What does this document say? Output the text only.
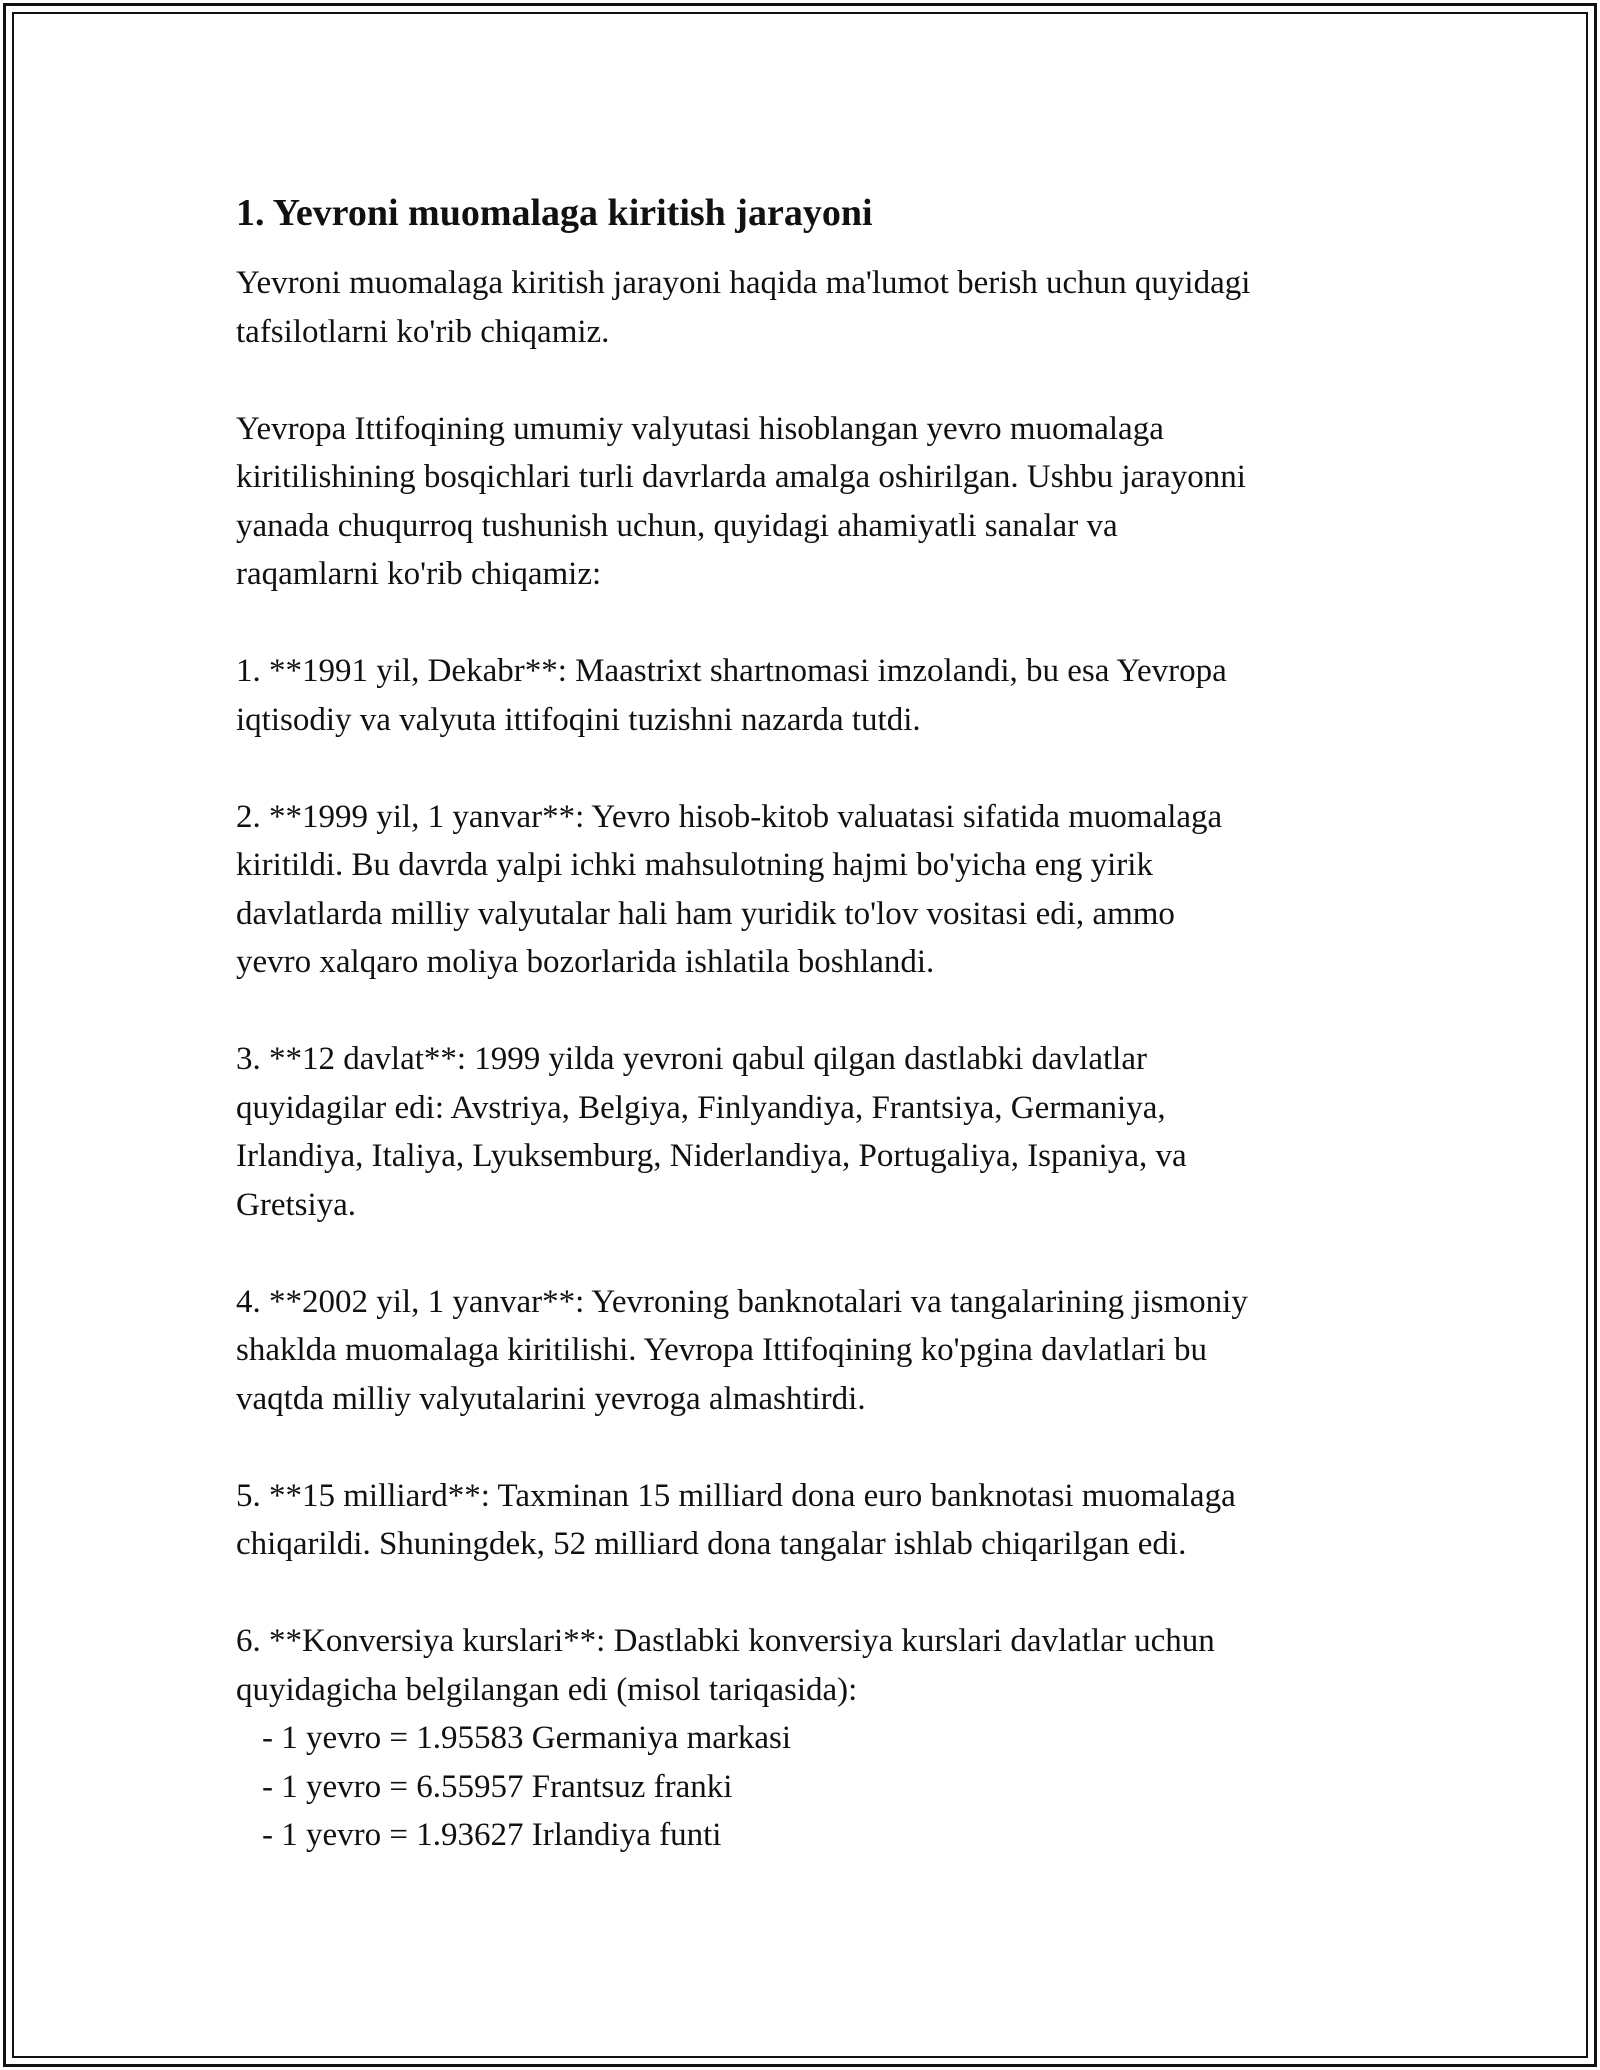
1. Yevroni muomalaga kiritish jarayoni

Yevroni muomalaga kiritish jarayoni haqida ma'lumot berish uchun quyidagi
tafsilotlarni ko'rib chiqamiz.

Yevropa Ittifoqining umumiy valyutasi hisoblangan yevro muomalaga
kiritilishining bosqichlari turli davrlarda amalga oshirilgan. Ushbu jarayonni
yanada chuqurroq tushunish uchun, quyidagi ahamiyatli sanalar va
raqamlarni ko'rib chiqamiz:

1. **1991 yil, Dekabr**: Maastrixt shartnomasi imzolandi, bu esa Yevropa
iqtisodiy va valyuta ittifoqini tuzishni nazarda tutdi.

2. **1999 yil, 1 yanvar**: Yevro hisob-kitob valuatasi sifatida muomalaga
kiritildi. Bu davrda yalpi ichki mahsulotning hajmi bo'yicha eng yirik
davlatlarda milliy valyutalar hali ham yuridik to'lov vositasi edi, ammo
yevro xalqaro moliya bozorlarida ishlatila boshlandi.

3. **12 davlat**: 1999 yilda yevroni qabul qilgan dastlabki davlatlar
quyidagilar edi: Avstriya, Belgiya, Finlyandiya, Frantsiya, Germaniya,
Irlandiya, Italiya, Lyuksemburg, Niderlandiya, Portugaliya, Ispaniya, va
Gretsiya.

4. **2002 yil, 1 yanvar**: Yevroning banknotalari va tangalarining jismoniy
shaklda muomalaga kiritilishi. Yevropa Ittifoqining ko'pgina davlatlari bu
vaqtda milliy valyutalarini yevroga almashtirdi.

5. **15 milliard**: Taxminan 15 milliard dona euro banknotasi muomalaga
chiqarildi. Shuningdek, 52 milliard dona tangalar ishlab chiqarilgan edi.

6. **Konversiya kurslari**: Dastlabki konversiya kurslari davlatlar uchun
quyidagicha belgilangan edi (misol tariqasida):

- 1 yevro = 1.95583 Germaniya markasi
- 1 yevro = 6.55957 Frantsuz franki
- 1 yevro = 1.93627 Irlandiya funti
